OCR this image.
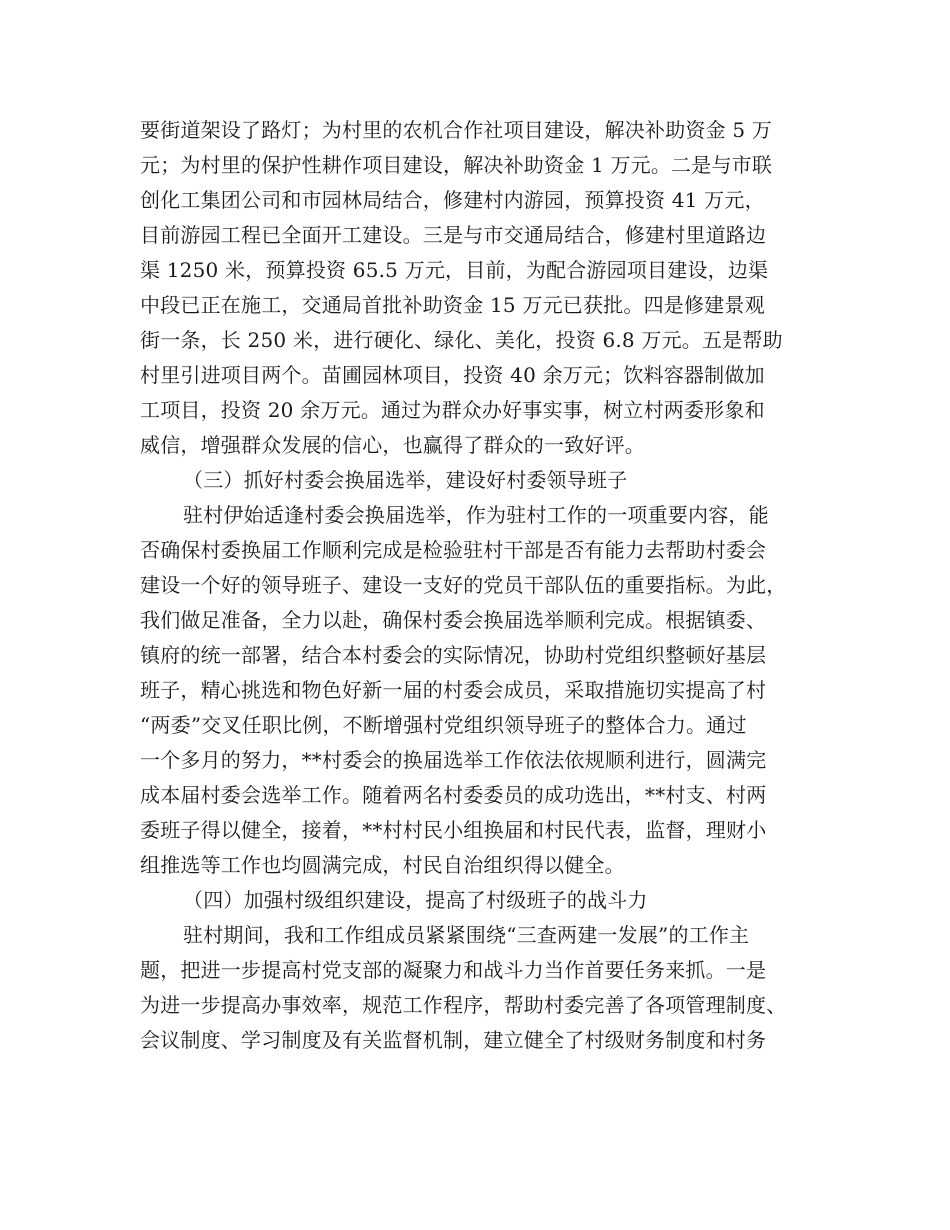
要街道架设了路灯；为村里的农机合作社项目建设，解决补助资金 5 万
元；为村里的保护性耕作项目建设，解决补助资金 1 万元。二是与市联
创化工集团公司和市园林局结合，修建村内游园，预算投资 41 万元，
目前游园工程已全面开工建设。三是与市交通局结合，修建村里道路边
渠 1250 米，预算投资 65.5 万元，目前，为配合游园项目建设，边渠
中段已正在施工，交通局首批补助资金 15 万元已获批。四是修建景观
街一条，长 250 米，进行硬化、绿化、美化，投资 6.8 万元。五是帮助
村里引进项目两个。苗圃园林项目，投资 40 余万元；饮料容器制做加
工项目，投资 20 余万元。通过为群众办好事实事，树立村两委形象和
威信，增强群众发展的信心，也赢得了群众的一致好评。
（三）抓好村委会换届选举，建设好村委领导班子
驻村伊始适逢村委会换届选举，作为驻村工作的一项重要内容，能
否确保村委换届工作顺利完成是检验驻村干部是否有能力去帮助村委会
建设一个好的领导班子、建设一支好的党员干部队伍的重要指标。为此，
我们做足准备，全力以赴，确保村委会换届选举顺利完成。根据镇委、
镇府的统一部署，结合本村委会的实际情况，协助村党组织整顿好基层
班子，精心挑选和物色好新一届的村委会成员，采取措施切实提高了村
“两委”交叉任职比例，不断增强村党组织领导班子的整体合力。通过
一个多月的努力，**村委会的换届选举工作依法依规顺利进行，圆满完
成本届村委会选举工作。随着两名村委委员的成功选出，**村支、村两
委班子得以健全，接着，**村村民小组换届和村民代表，监督，理财小
组推选等工作也均圆满完成，村民自治组织得以健全。
（四）加强村级组织建设，提高了村级班子的战斗力
驻村期间，我和工作组成员紧紧围绕“三查两建一发展”的工作主
题，把进一步提高村党支部的凝聚力和战斗力当作首要任务来抓。一是
为进一步提高办事效率，规范工作程序，帮助村委完善了各项管理制度、
会议制度、学习制度及有关监督机制，建立健全了村级财务制度和村务
